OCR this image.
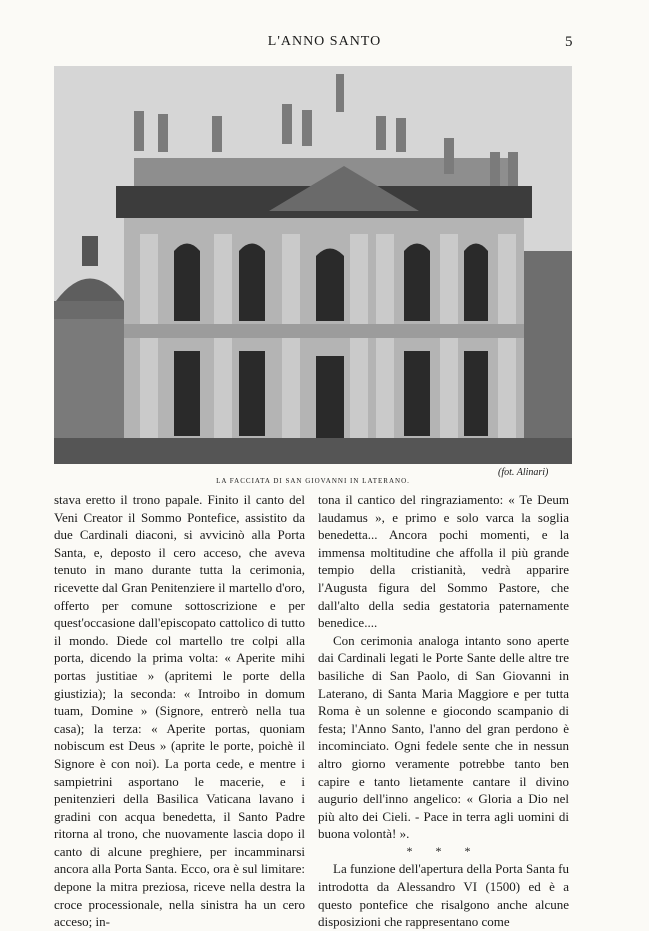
L'ANNO SANTO	5
LA FACCIATA DI SAN GIOVANNI IN LATERANO.
(fot. Alinari)

stava eretto il trono papale. Finito il canto del Veni Creator il Sommo Pontefice, assistito da due Cardinali diaconi, si avvicinò alla Porta Santa, e, deposto il cero acceso, che aveva tenuto in mano durante tutta la cerimonia, ricevette dal Gran Penitenziere il martello d'oro, offerto per comune sottoscrizione e per quest'occasione dall'episcopato cattolico di tutto il mondo. Diede col martello tre colpi alla porta, dicendo la prima volta: « Aperite mihi portas justitiae » (apritemi le porte della giustizia); la seconda: « Introibo in domum tuam, Domine » (Signore, entrerò nella tua casa); la terza: « Aperite portas, quoniam nobiscum est Deus » (aprite le porte, poichè il Signore è con noi). La porta cede, e mentre i sampietrini asportano le macerie, e i penitenzieri della Basilica Vaticana lavano i gradini con acqua benedetta, il Santo Padre ritorna al trono, che nuovamente lascia dopo il canto di alcune preghiere, per incamminarsi ancora alla Porta Santa. Ecco, ora è sul limitare: depone la mitra preziosa, riceve nella destra la croce processionale, nella sinistra ha un cero acceso; in-

tona il cantico del ringraziamento: « Te Deum laudamus », e primo e solo varca la soglia benedetta... Ancora pochi momenti, e la immensa moltitudine che affolla il più grande tempio della cristianità, vedrà apparire l'Augusta figura del Sommo Pastore, che dall'alto della sedia gestatoria paternamente benedice....

Con cerimonia analoga intanto sono aperte dai Cardinali legati le Porte Sante delle altre tre basiliche di San Paolo, di San Giovanni in Laterano, di Santa Maria Maggiore e per tutta Roma è un solenne e giocondo scampanio di festa; l'Anno Santo, l'anno del gran perdono è incominciato. Ogni fedele sente che in nessun altro giorno veramente potrebbe tanto ben capire e tanto lietamente cantare il divino augurio dell'inno angelico: « Gloria a Dio nel più alto dei Cieli. - Pace in terra agli uomini di buona volontà! ».

* * *

La funzione dell'apertura della Porta Santa fu introdotta da Alessandro VI (1500) ed è a questo pontefice che risalgono anche alcune disposizioni che rappresentano come
